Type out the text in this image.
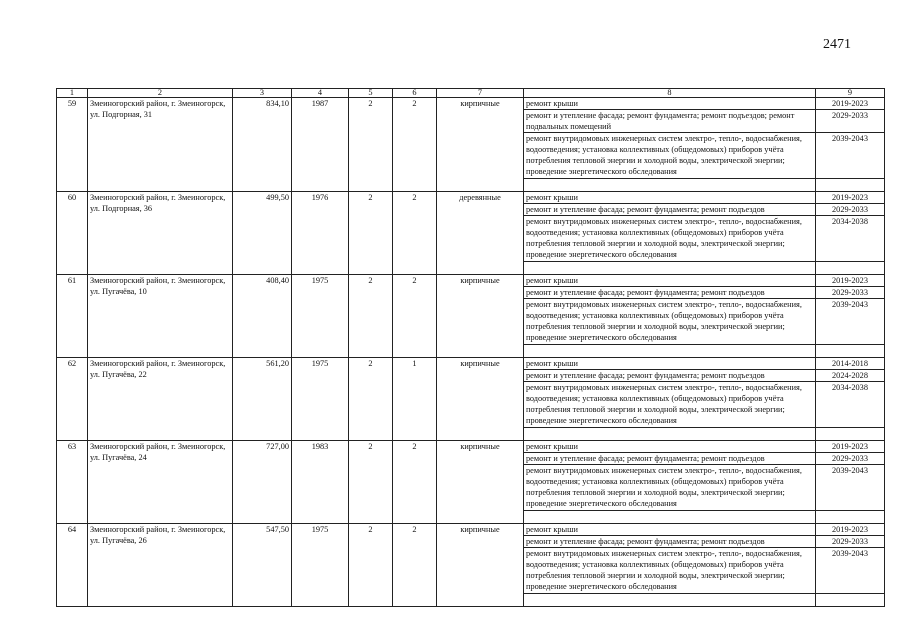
2471
1	2	3	4	5	6	7	8	9
59	Змеиногорский район, г. Змеиногорск, ул. Подгорная, 31	834,10	1987	2	2	кирпичные	ремонт крыши	2019-2023
							ремонт и утепление фасада; ремонт фундамента; ремонт подъездов; ремонт подвальных помещений	2029-2033
							ремонт внутридомовых инженерных систем электро-, тепло-, водоснабжения, водоотведения; установка коллективных (общедомовых) приборов учёта потребления тепловой энергии и холодной воды, электрической энергии; проведение энергетического обследования	2039-2043

60	Змеиногорский район, г. Змеиногорск, ул. Подгорная, 36	499,50	1976	2	2	деревянные	ремонт крыши	2019-2023
							ремонт и утепление фасада; ремонт фундамента; ремонт подъездов	2029-2033
							ремонт внутридомовых инженерных систем электро-, тепло-, водоснабжения, водоотведения; установка коллективных (общедомовых) приборов учёта потребления тепловой энергии и холодной воды, электрической энергии; проведение энергетического обследования	2034-2038

61	Змеиногорский район, г. Змеиногорск, ул. Пугачёва, 10	408,40	1975	2	2	кирпичные	ремонт крыши	2019-2023
							ремонт и утепление фасада; ремонт фундамента; ремонт подъездов	2029-2033
							ремонт внутридомовых инженерных систем электро-, тепло-, водоснабжения, водоотведения; установка коллективных (общедомовых) приборов учёта потребления тепловой энергии и холодной воды, электрической энергии; проведение энергетического обследования	2039-2043

62	Змеиногорский район, г. Змеиногорск, ул. Пугачёва, 22	561,20	1975	2	1	кирпичные	ремонт крыши	2014-2018
							ремонт и утепление фасада; ремонт фундамента; ремонт подъездов	2024-2028
							ремонт внутридомовых инженерных систем электро-, тепло-, водоснабжения, водоотведения; установка коллективных (общедомовых) приборов учёта потребления тепловой энергии и холодной воды, электрической энергии; проведение энергетического обследования	2034-2038

63	Змеиногорский район, г. Змеиногорск, ул. Пугачёва, 24	727,00	1983	2	2	кирпичные	ремонт крыши	2019-2023
							ремонт и утепление фасада; ремонт фундамента; ремонт подъездов	2029-2033
							ремонт внутридомовых инженерных систем электро-, тепло-, водоснабжения, водоотведения; установка коллективных (общедомовых) приборов учёта потребления тепловой энергии и холодной воды, электрической энергии; проведение энергетического обследования	2039-2043

64	Змеиногорский район, г. Змеиногорск, ул. Пугачёва, 26	547,50	1975	2	2	кирпичные	ремонт крыши	2019-2023
							ремонт и утепление фасада; ремонт фундамента; ремонт подъездов	2029-2033
							ремонт внутридомовых инженерных систем электро-, тепло-, водоснабжения, водоотведения; установка коллективных (общедомовых) приборов учёта потребления тепловой энергии и холодной воды, электрической энергии; проведение энергетического обследования	2039-2043
